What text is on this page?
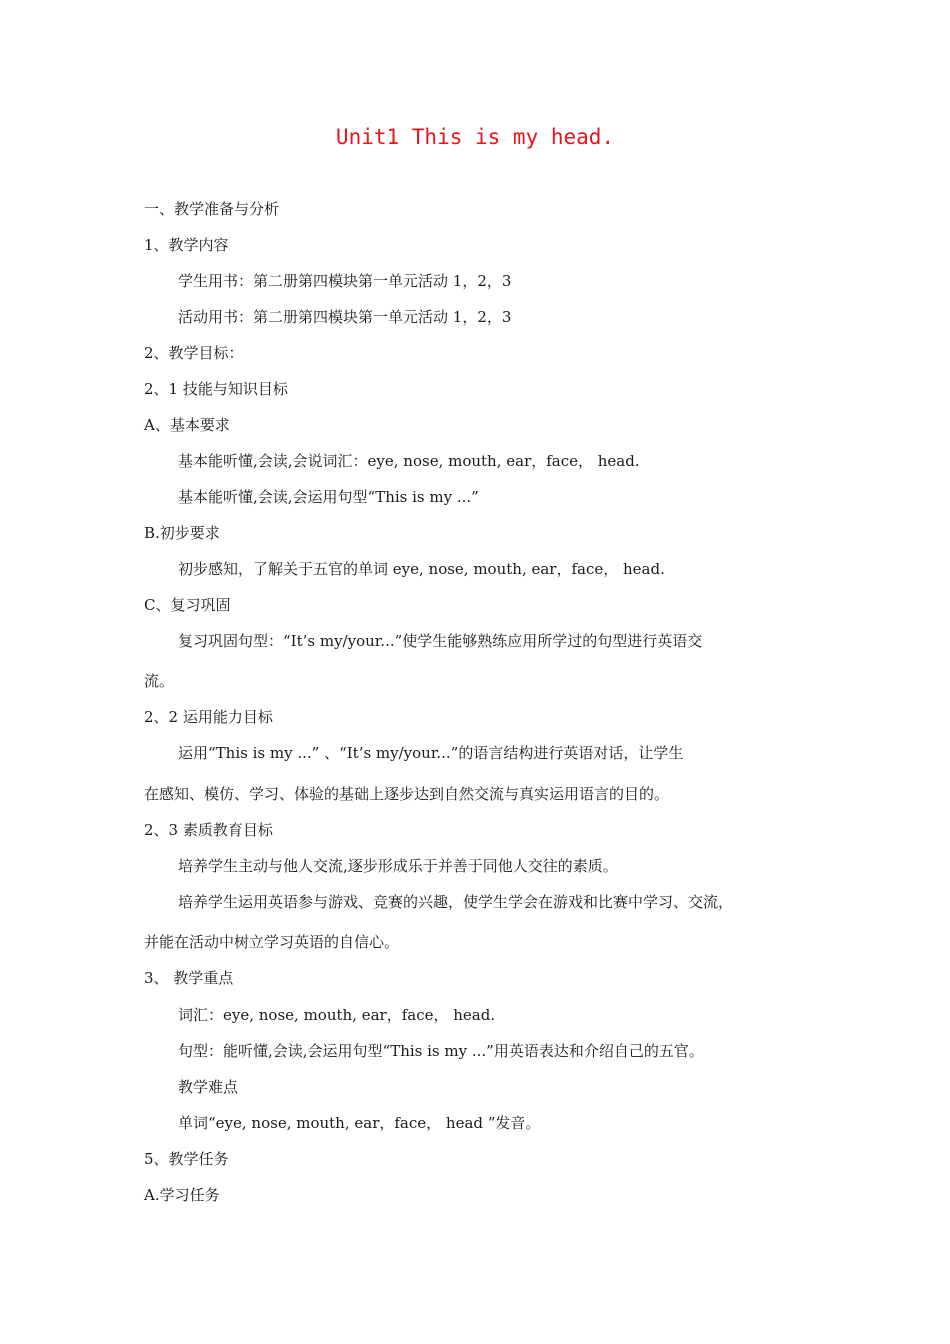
Unit1 This is my head.
一、教学准备与分析
1、教学内容
学生用书：第二册第四模块第一单元活动 1，2，3
活动用书：第二册第四模块第一单元活动 1，2，3
2、教学目标：
2、1 技能与知识目标
A、基本要求
基本能听懂,会读,会说词汇：eye, nose, mouth, ear，face， head.
基本能听懂,会读,会运用句型“This is my ...”
B.初步要求
初步感知，了解关于五官的单词 eye, nose, mouth, ear，face， head.
C、复习巩固
复习巩固句型：“It’s my/your...”使学生能够熟练应用所学过的句型进行英语交
流。
2、2 运用能力目标
运用“This is my ...” 、“It’s my/your...”的语言结构进行英语对话，让学生
在感知、模仿、学习、体验的基础上逐步达到自然交流与真实运用语言的目的。
2、3 素质教育目标
培养学生主动与他人交流,逐步形成乐于并善于同他人交往的素质。
培养学生运用英语参与游戏、竞赛的兴趣，使学生学会在游戏和比赛中学习、交流，
并能在活动中树立学习英语的自信心。
3、 教学重点
词汇：eye, nose, mouth, ear，face， head.
句型：能听懂,会读,会运用句型“This is my ...”用英语表达和介绍自己的五官。
教学难点
单词“eye, nose, mouth, ear，face， head ”发音。
5、教学任务
A.学习任务
